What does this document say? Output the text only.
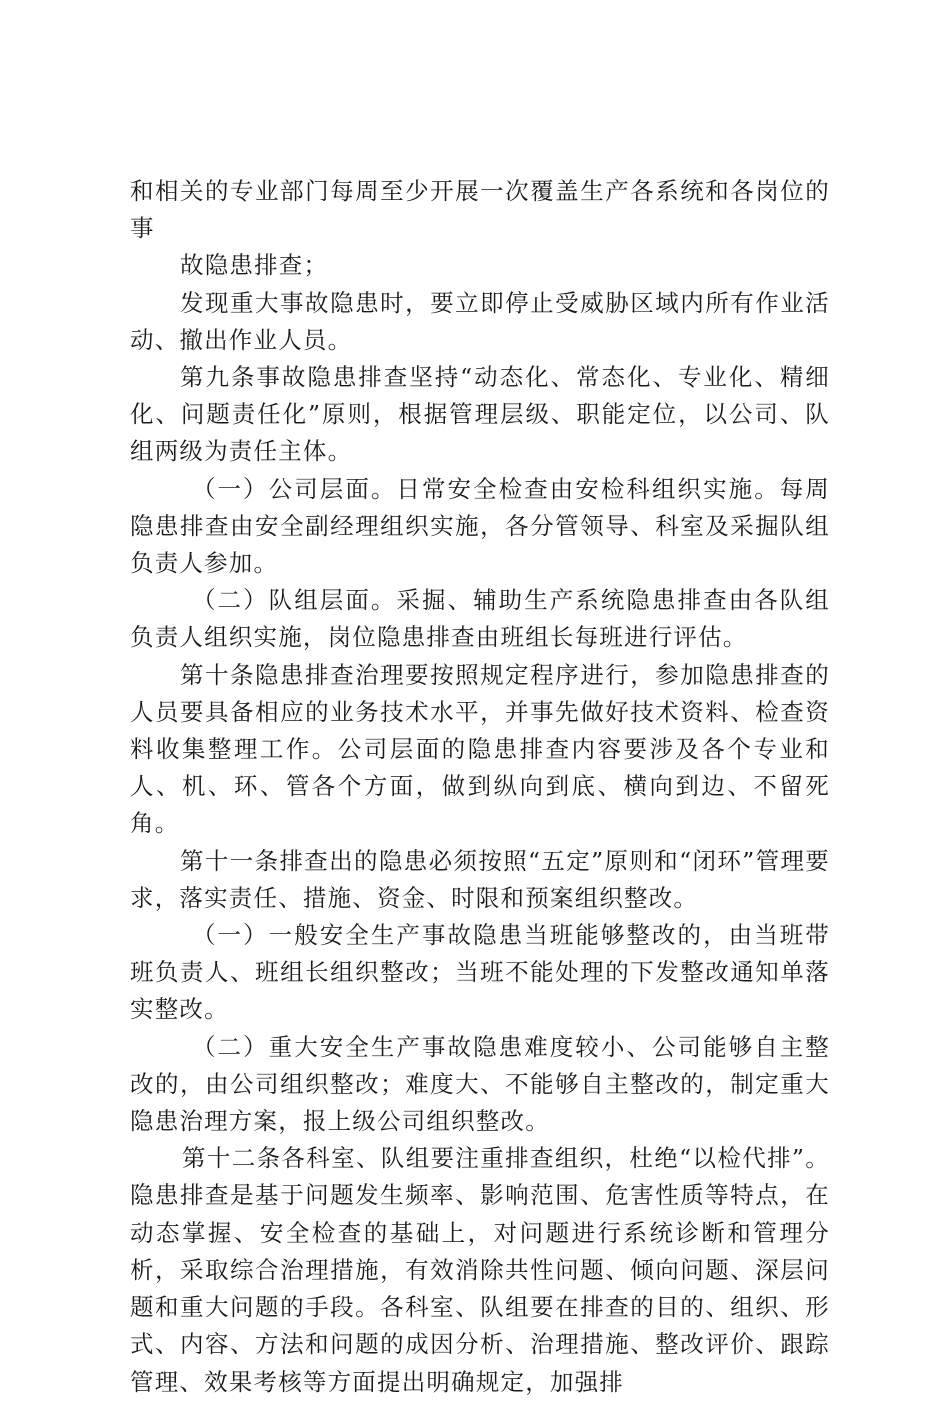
和相关的专业部门每周至少开展一次覆盖生产各系统和各岗位的事

故隐患排查；

发现重大事故隐患时，要立即停止受威胁区域内所有作业活动、撤出作业人员。

第九条事故隐患排查坚持“动态化、常态化、专业化、精细化、问题责任化”原则，根据管理层级、职能定位，以公司、队组两级为责任主体。

（一）公司层面。日常安全检查由安检科组织实施。每周隐患排查由安全副经理组织实施，各分管领导、科室及采掘队组负责人参加。

（二）队组层面。采掘、辅助生产系统隐患排查由各队组负责人组织实施，岗位隐患排查由班组长每班进行评估。

第十条隐患排查治理要按照规定程序进行，参加隐患排查的人员要具备相应的业务技术水平，并事先做好技术资料、检查资料收集整理工作。公司层面的隐患排查内容要涉及各个专业和人、机、环、管各个方面，做到纵向到底、横向到边、不留死角。

第十一条排查出的隐患必须按照“五定”原则和“闭环”管理要求，落实责任、措施、资金、时限和预案组织整改。

（一）一般安全生产事故隐患当班能够整改的，由当班带班负责人、班组长组织整改；当班不能处理的下发整改通知单落实整改。

（二）重大安全生产事故隐患难度较小、公司能够自主整改的，由公司组织整改；难度大、不能够自主整改的，制定重大隐患治理方案，报上级公司组织整改。

第十二条各科室、队组要注重排查组织，杜绝“以检代排”。隐患排查是基于问题发生频率、影响范围、危害性质等特点，在动态掌握、安全检查的基础上，对问题进行系统诊断和管理分析，采取综合治理措施，有效消除共性问题、倾向问题、深层问题和重大问题的手段。各科室、队组要在排查的目的、组织、形式、内容、方法和问题的成因分析、治理措施、整改评价、跟踪管理、效果考核等方面提出明确规定，加强排
